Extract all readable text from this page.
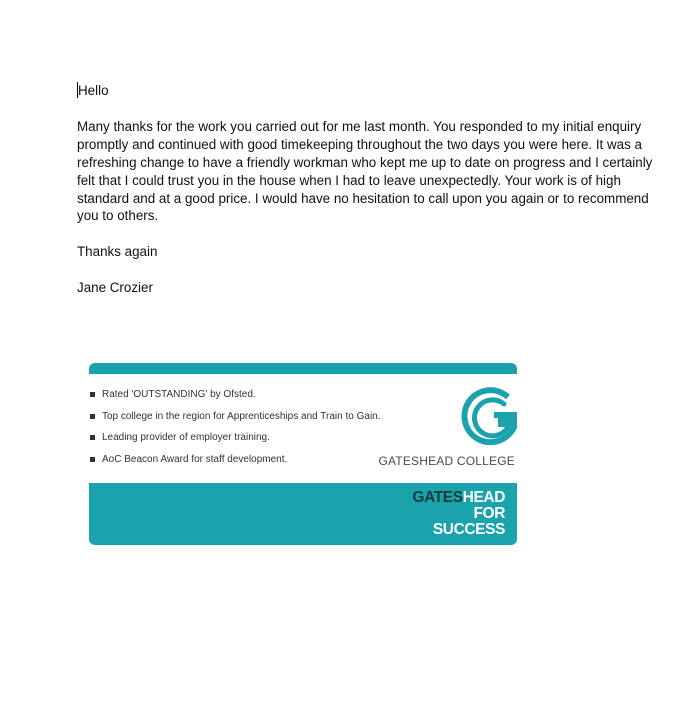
Hello

Many thanks for the work you carried out for me last month. You responded to my initial enquiry
promptly and continued with good timekeeping throughout the two days you were here. It was a
refreshing change to have a friendly workman who kept me up to date on progress and I certainly
felt that I could trust you in the house when I had to leave unexpectedly. Your work is of high
standard and at a good price. I would have no hesitation to call upon you again or to recommend
you to others.

Thanks again

Jane Crozier

Rated 'OUTSTANDING' by Ofsted.
Top college in the region for Apprenticeships and Train to Gain.
Leading provider of employer training.
AoC Beacon Award for staff development.	GATESHEAD COLLEGE
GATESHEAD
FOR
SUCCESS
